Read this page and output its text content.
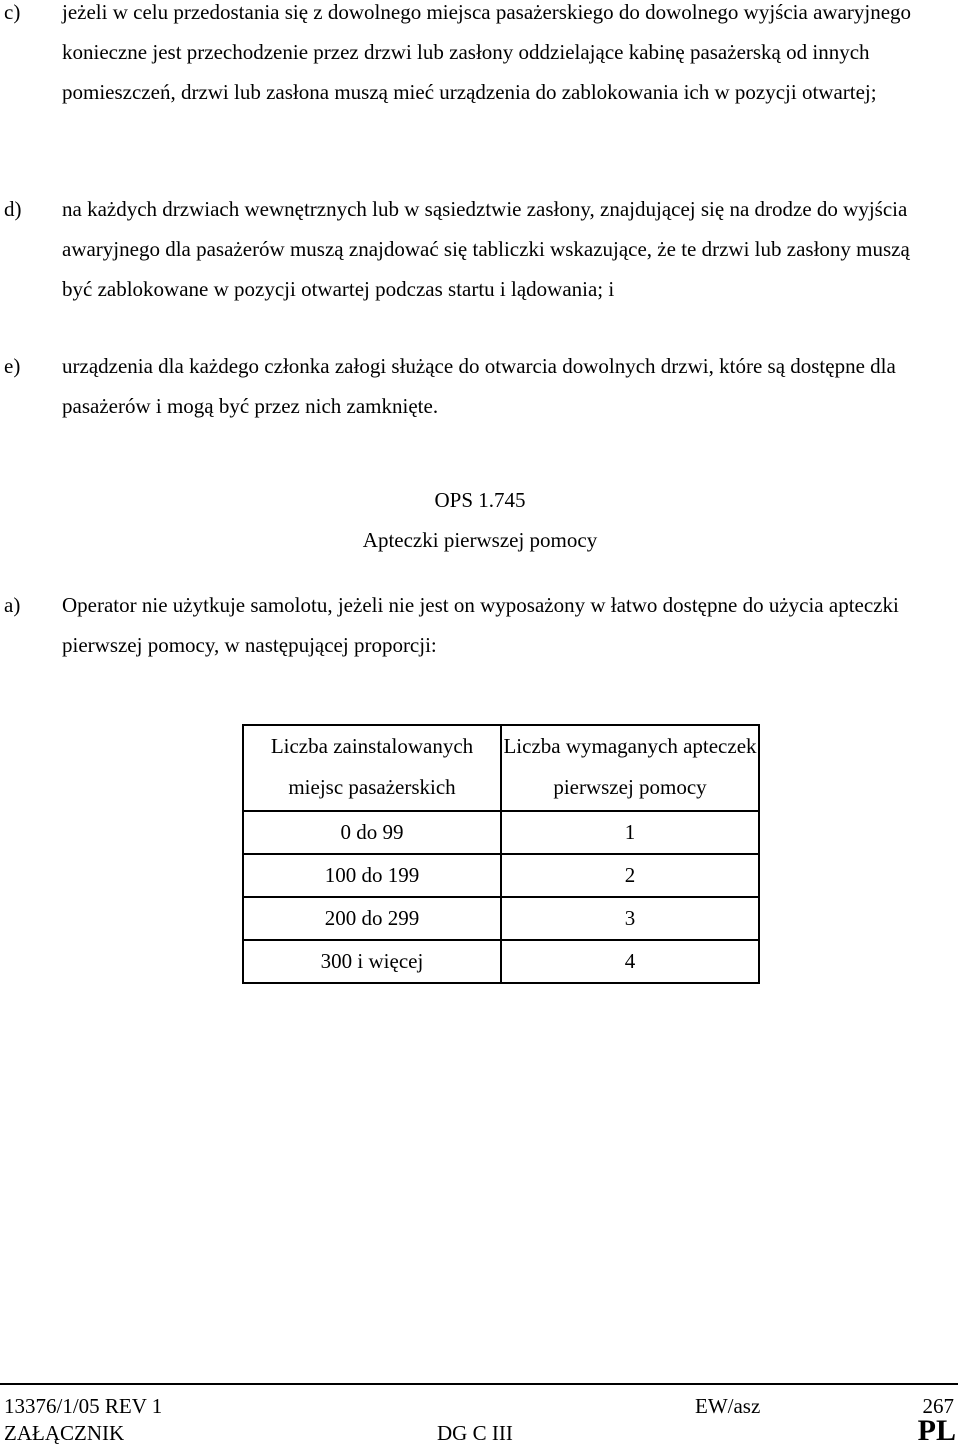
c) jeżeli w celu przedostania się z dowolnego miejsca pasażerskiego do dowolnego wyjścia awaryjnego konieczne jest przechodzenie przez drzwi lub zasłony oddzielające kabinę pasażerską od innych pomieszczeń, drzwi lub zasłona muszą mieć urządzenia do zablokowania ich w pozycji otwartej;
d) na każdych drzwiach wewnętrznych lub w sąsiedztwie zasłony, znajdującej się na drodze do wyjścia awaryjnego dla pasażerów muszą znajdować się tabliczki wskazujące, że te drzwi lub zasłony muszą być zablokowane w pozycji otwartej podczas startu i lądowania; i
e) urządzenia dla każdego członka załogi służące do otwarcia dowolnych drzwi, które są dostępne dla pasażerów i mogą być przez nich zamknięte.
OPS 1.745
Apteczki pierwszej pomocy
a) Operator nie użytkuje samolotu, jeżeli nie jest on wyposażony w łatwo dostępne do użycia apteczki pierwszej pomocy, w następującej proporcji:
Liczba zainstalowanych miejsc pasażerskich	Liczba wymaganych apteczek pierwszej pomocy
0 do 99	1
100 do 199	2
200 do 299	3
300 i więcej	4
13376/1/05 REV 1	EW/asz	267
ZAŁĄCZNIK	DG C III	PL
